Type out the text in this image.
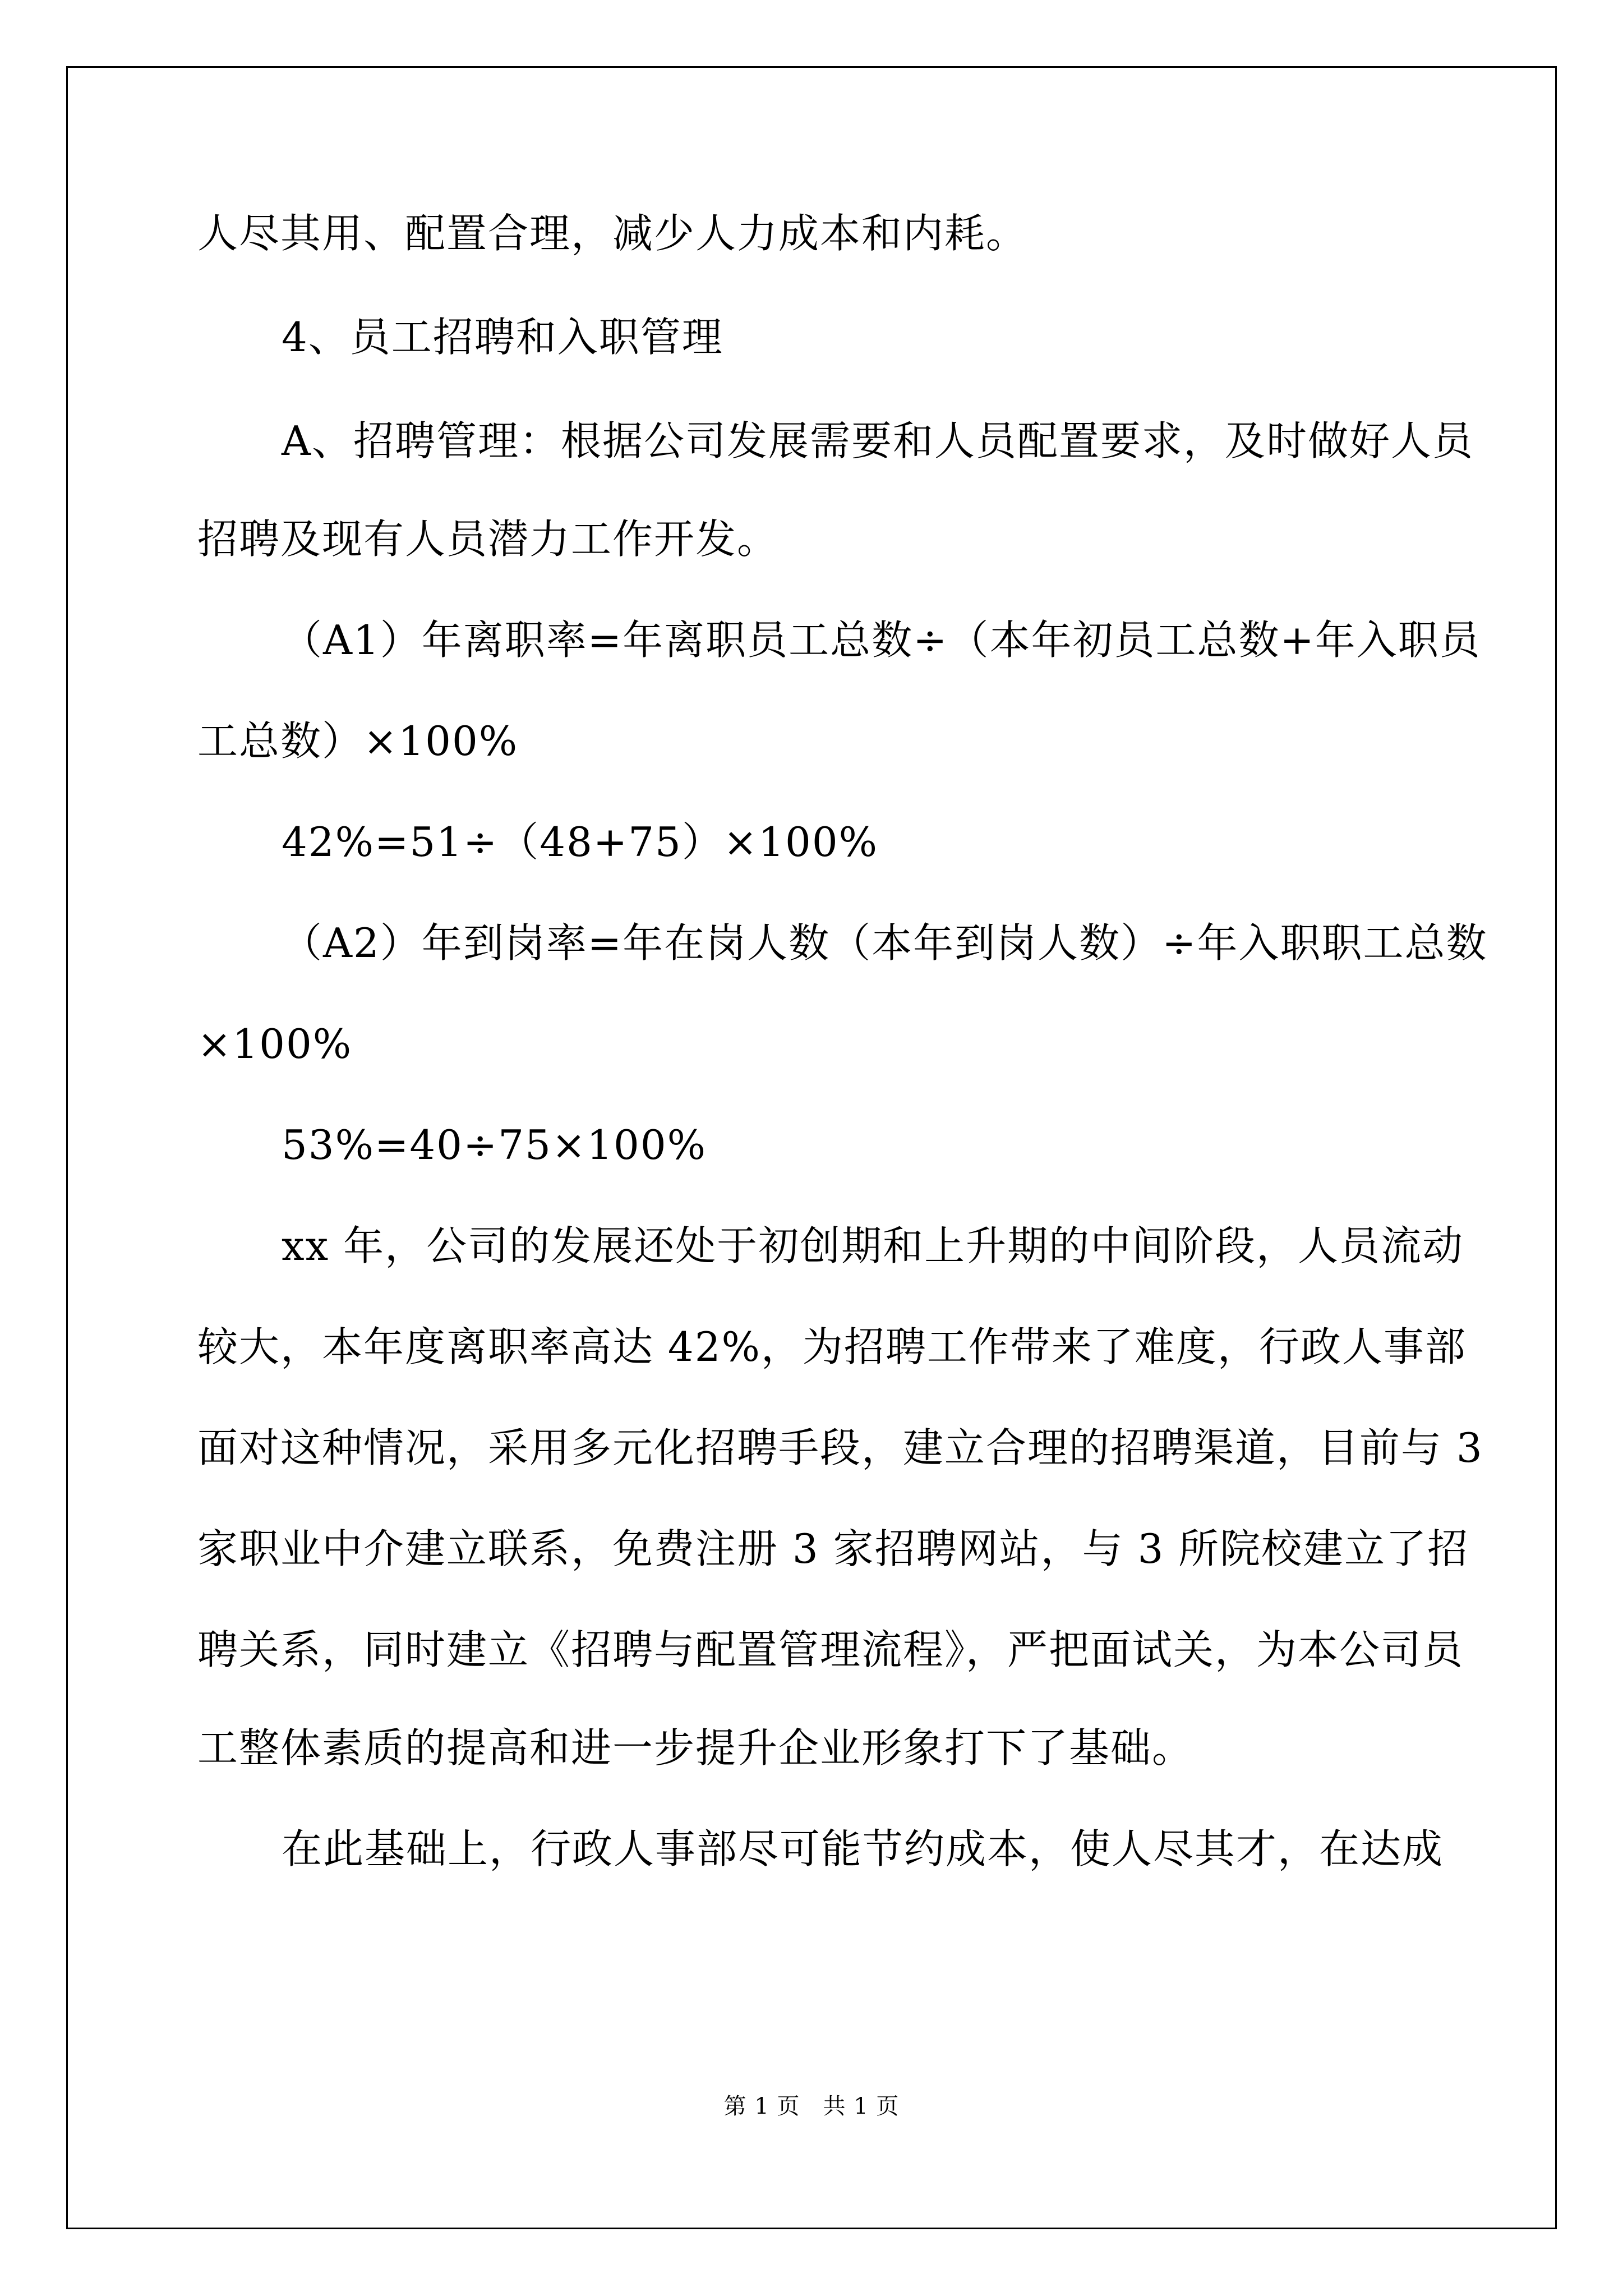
人尽其用、配置合理，减少人力成本和内耗。
4、员工招聘和入职管理
A、招聘管理：根据公司发展需要和人员配置要求，及时做好人员
招聘及现有人员潜力工作开发。
（A1）年离职率=年离职员工总数÷（本年初员工总数+年入职员
工总数）×100%
42%=51÷（48+75）×100%
（A2）年到岗率=年在岗人数（本年到岗人数）÷年入职职工总数
×100%
53%=40÷75×100%
xx 年，公司的发展还处于初创期和上升期的中间阶段，人员流动
较大，本年度离职率高达 42%，为招聘工作带来了难度，行政人事部
面对这种情况，采用多元化招聘手段，建立合理的招聘渠道，目前与 3
家职业中介建立联系，免费注册 3 家招聘网站，与 3 所院校建立了招
聘关系，同时建立《招聘与配置管理流程》，严把面试关，为本公司员
工整体素质的提高和进一步提升企业形象打下了基础。
在此基础上，行政人事部尽可能节约成本，使人尽其才，在达成
第 1 页　共 1 页
